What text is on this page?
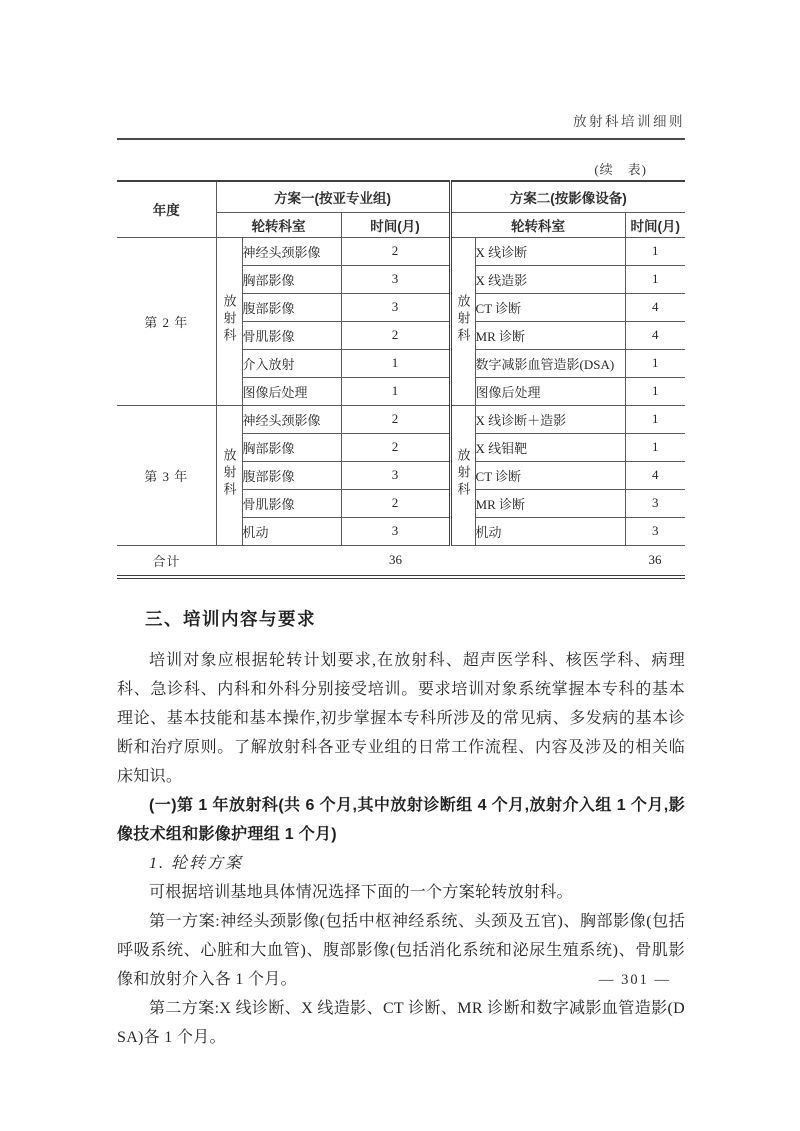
放射科培训细则
(续　表)
年度	方案一(按亚专业组)			方案二(按影像设备)		
	轮转科室		时间(月)	轮转科室		时间(月)
第 2 年	放射科	神经头颈影像	2	放射科	X 线诊断	1
		胸部影像	3		X 线造影	1
		腹部影像	3		CT 诊断	4
		骨肌影像	2		MR 诊断	4
		介入放射	1		数字减影血管造影(DSA)	1
		图像后处理	1		图像后处理	1
第 3 年	放射科	神经头颈影像	2	放射科	X 线诊断＋造影	1
		胸部影像	2		X 线钼靶	1
		腹部影像	3		CT 诊断	4
		骨肌影像	2		MR 诊断	3
		机动	3		机动	3
合计			36			36
三、培训内容与要求

培训对象应根据轮转计划要求,在放射科、超声医学科、核医学科、病理科、急诊科、内科和外科分别接受培训。要求培训对象系统掌握本专科的基本理论、基本技能和基本操作,初步掌握本专科所涉及的常见病、多发病的基本诊断和治疗原则。了解放射科各亚专业组的日常工作流程、内容及涉及的相关临床知识。

(一)第 1 年放射科(共 6 个月,其中放射诊断组 4 个月,放射介入组 1 个月,影像技术组和影像护理组 1 个月)

1. 轮转方案

可根据培训基地具体情况选择下面的一个方案轮转放射科。

第一方案:神经头颈影像(包括中枢神经系统、头颈及五官)、胸部影像(包括呼吸系统、心脏和大血管)、腹部影像(包括消化系统和泌尿生殖系统)、骨肌影像和放射介入各 1 个月。

第二方案:X 线诊断、X 线造影、CT 诊断、MR 诊断和数字减影血管造影(DSA)各 1 个月。

— 301 —
